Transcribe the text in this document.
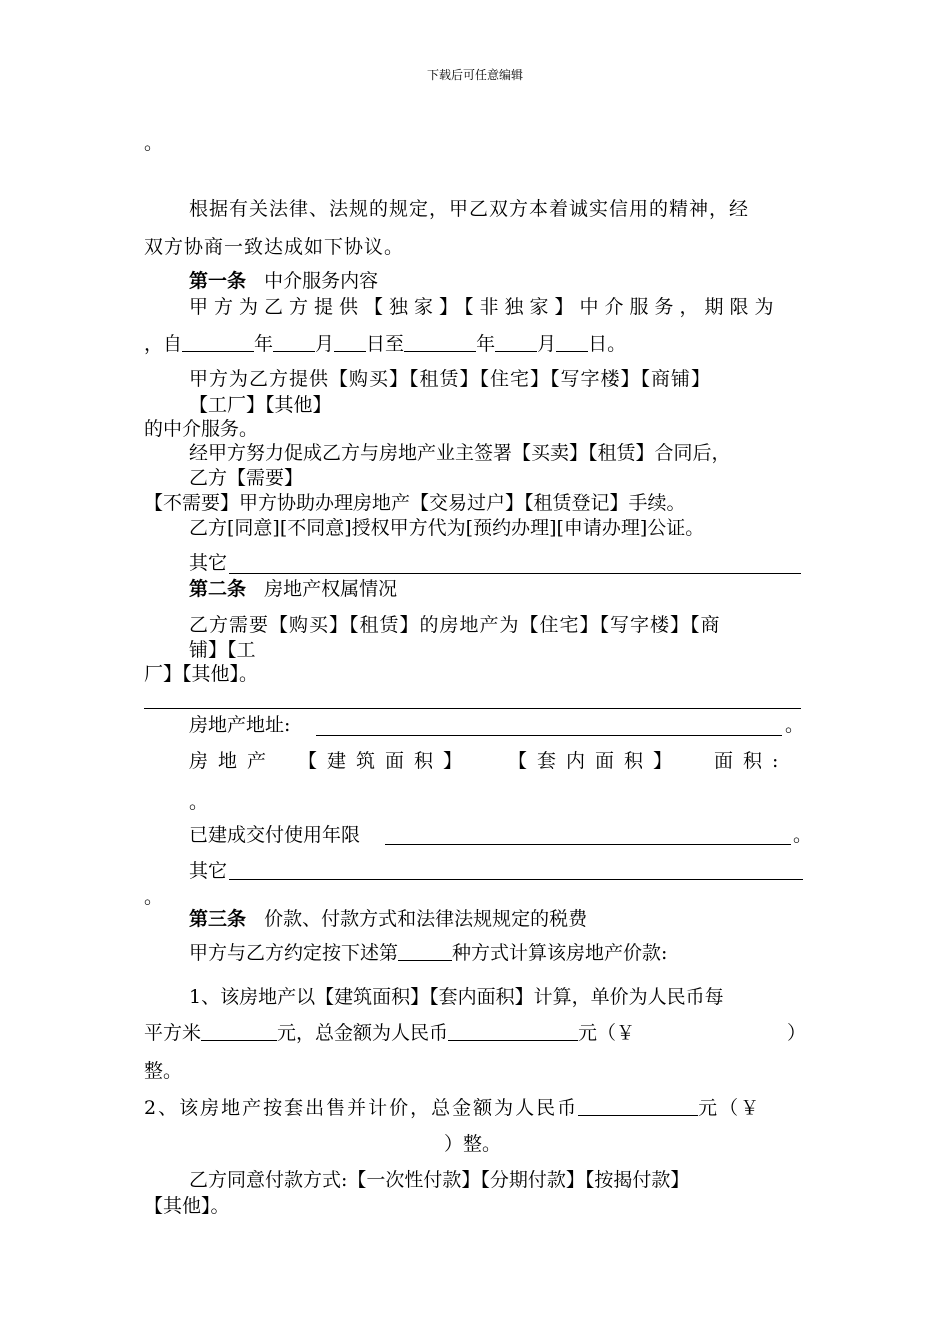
下载后可任意编辑
。
根据有关法律、法规的规定，甲乙双方本着诚实信用的精神，经
双方协商一致达成如下协议。
第一条 中介服务内容
甲方为乙方提供【独家】【非独家】中介服务，期限为
，自	年 月 日至	年 月 日。
甲方为乙方提供【购买】【租赁】【住宅】【写字楼】【商铺】
【工厂】【其他】
的中介服务。
经甲方努力促成乙方与房地产业主签署【买卖】【租赁】合同后，
乙方【需要】
【不需要】甲方协助办理房地产【交易过户】【租赁登记】手续。
乙方[同意][不同意]授权甲方代为[预约办理][申请办理]公证。
其它
第二条 房地产权属情况
乙方需要【购买】【租赁】的房地产为【住宅】【写字楼】【商
铺】【工
厂】【其他】。
房地产地址:	。
房地产 【建筑面积】 【套内面积】 面积:
。
已建成交付使用年限	。
其它
。
第三条 价款、付款方式和法律法规规定的税费
甲方与乙方约定按下述第	种方式计算该房地产价款:
1、该房地产以【建筑面积】【套内面积】计算，单价为人民币每
平方米	元，总金额为人民币	元（￥	）
整。
2、该房地产按套出售并计价，总金额为人民币	元（￥
）整。
乙方同意付款方式:【一次性付款】【分期付款】【按揭付款】
【其他】。
